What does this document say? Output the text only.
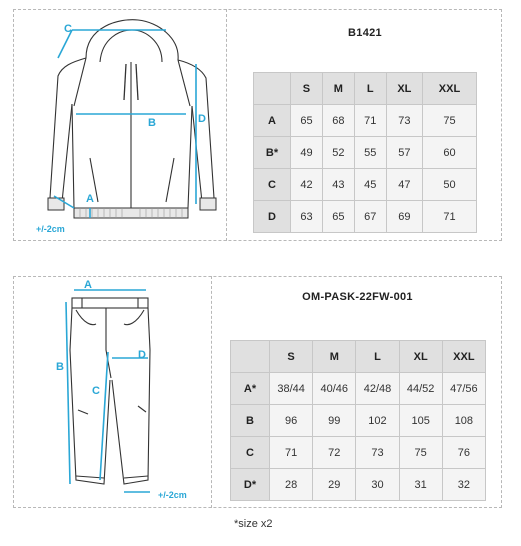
C
B	D
A
+/-2cm
B1421
	S	M	L	XL	XXL
A	65	68	71	73	75
B*	49	52	55	57	60
C	42	43	45	47	50
D	63	65	67	69	71
A
B
C
D
+/-2cm
OM-PASK-22FW-001
	S	M	L	XL	XXL
A*	38/44	40/46	42/48	44/52	47/56
B	96	99	102	105	108
C	71	72	73	75	76
D*	28	29	30	31	32
*size x2
